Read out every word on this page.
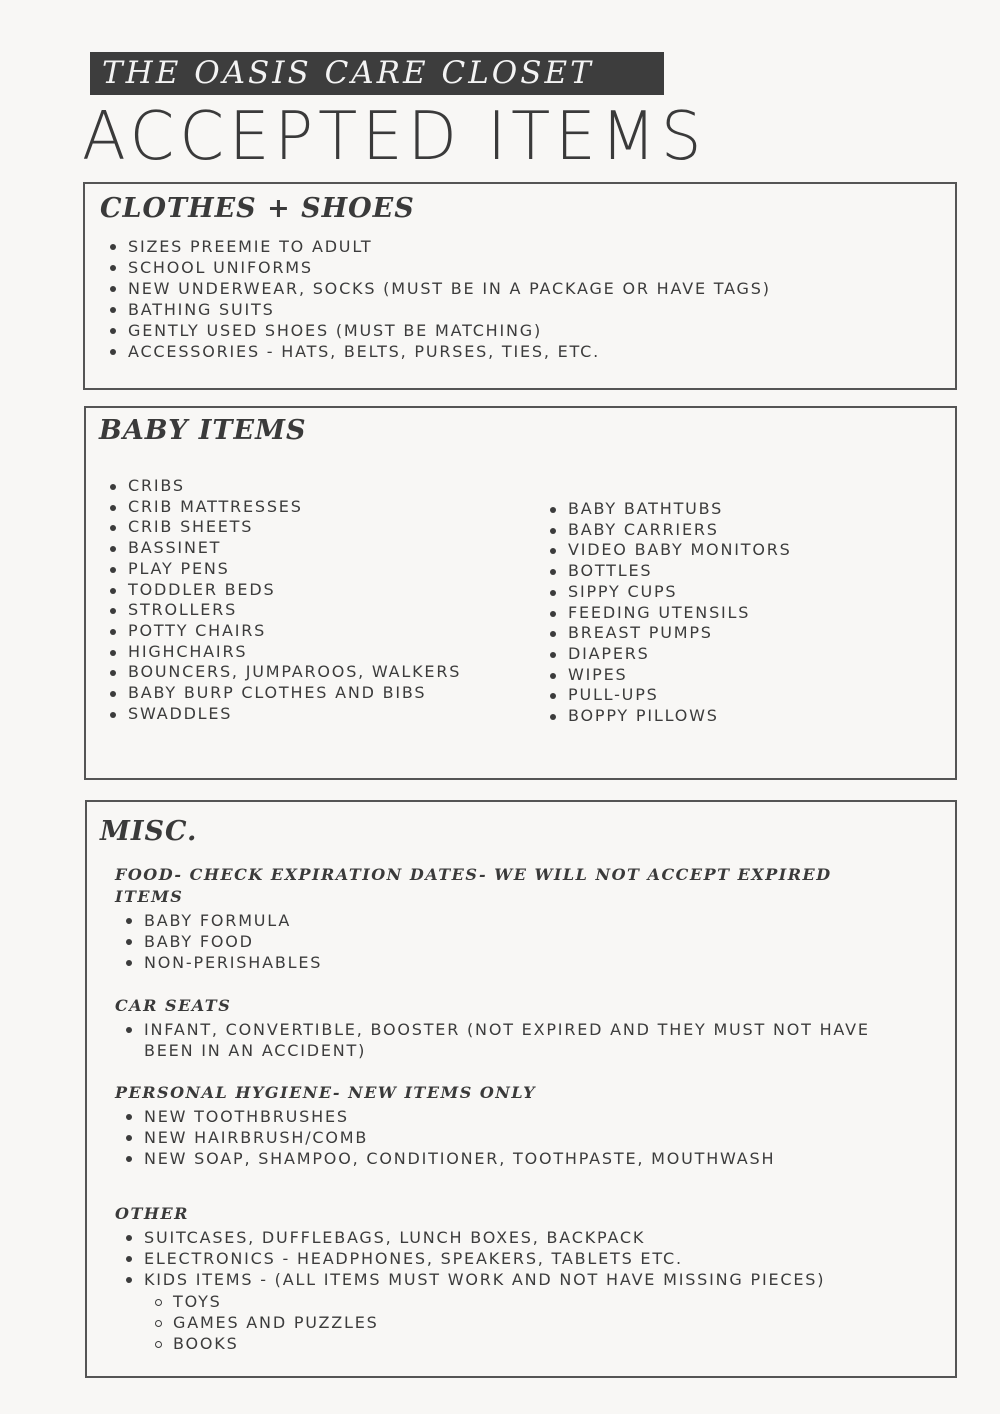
THE OASIS CARE CLOSET
ACCEPTED ITEMS
CLOTHES + SHOES
SIZES PREEMIE TO ADULT
SCHOOL UNIFORMS
NEW UNDERWEAR, SOCKS (MUST BE IN A PACKAGE OR HAVE TAGS)
BATHING SUITS
GENTLY USED SHOES (MUST BE MATCHING)
ACCESSORIES - HATS, BELTS, PURSES, TIES, ETC.
BABY ITEMS
CRIBS
CRIB MATTRESSES
CRIB SHEETS
BASSINET
PLAY PENS
TODDLER BEDS
STROLLERS
POTTY CHAIRS
HIGHCHAIRS
BOUNCERS, JUMPAROOS, WALKERS
BABY BURP CLOTHES AND BIBS
SWADDLES
BABY BATHTUBS
BABY CARRIERS
VIDEO BABY MONITORS
BOTTLES
SIPPY CUPS
FEEDING UTENSILS
BREAST PUMPS
DIAPERS
WIPES
PULL-UPS
BOPPY PILLOWS
MISC.
FOOD- CHECK EXPIRATION DATES- WE WILL NOT ACCEPT EXPIRED ITEMS
BABY FORMULA
BABY FOOD
NON-PERISHABLES
CAR SEATS
INFANT, CONVERTIBLE, BOOSTER (NOT EXPIRED AND THEY MUST NOT HAVE BEEN IN AN ACCIDENT)
PERSONAL HYGIENE- NEW ITEMS ONLY
NEW TOOTHBRUSHES
NEW HAIRBRUSH/COMB
NEW SOAP, SHAMPOO, CONDITIONER, TOOTHPASTE, MOUTHWASH
OTHER
SUITCASES, DUFFLEBAGS, LUNCH BOXES, BACKPACK
ELECTRONICS - HEADPHONES, SPEAKERS, TABLETS ETC.
KIDS ITEMS - (ALL ITEMS MUST WORK AND NOT HAVE MISSING PIECES)
TOYS
GAMES AND PUZZLES
BOOKS
